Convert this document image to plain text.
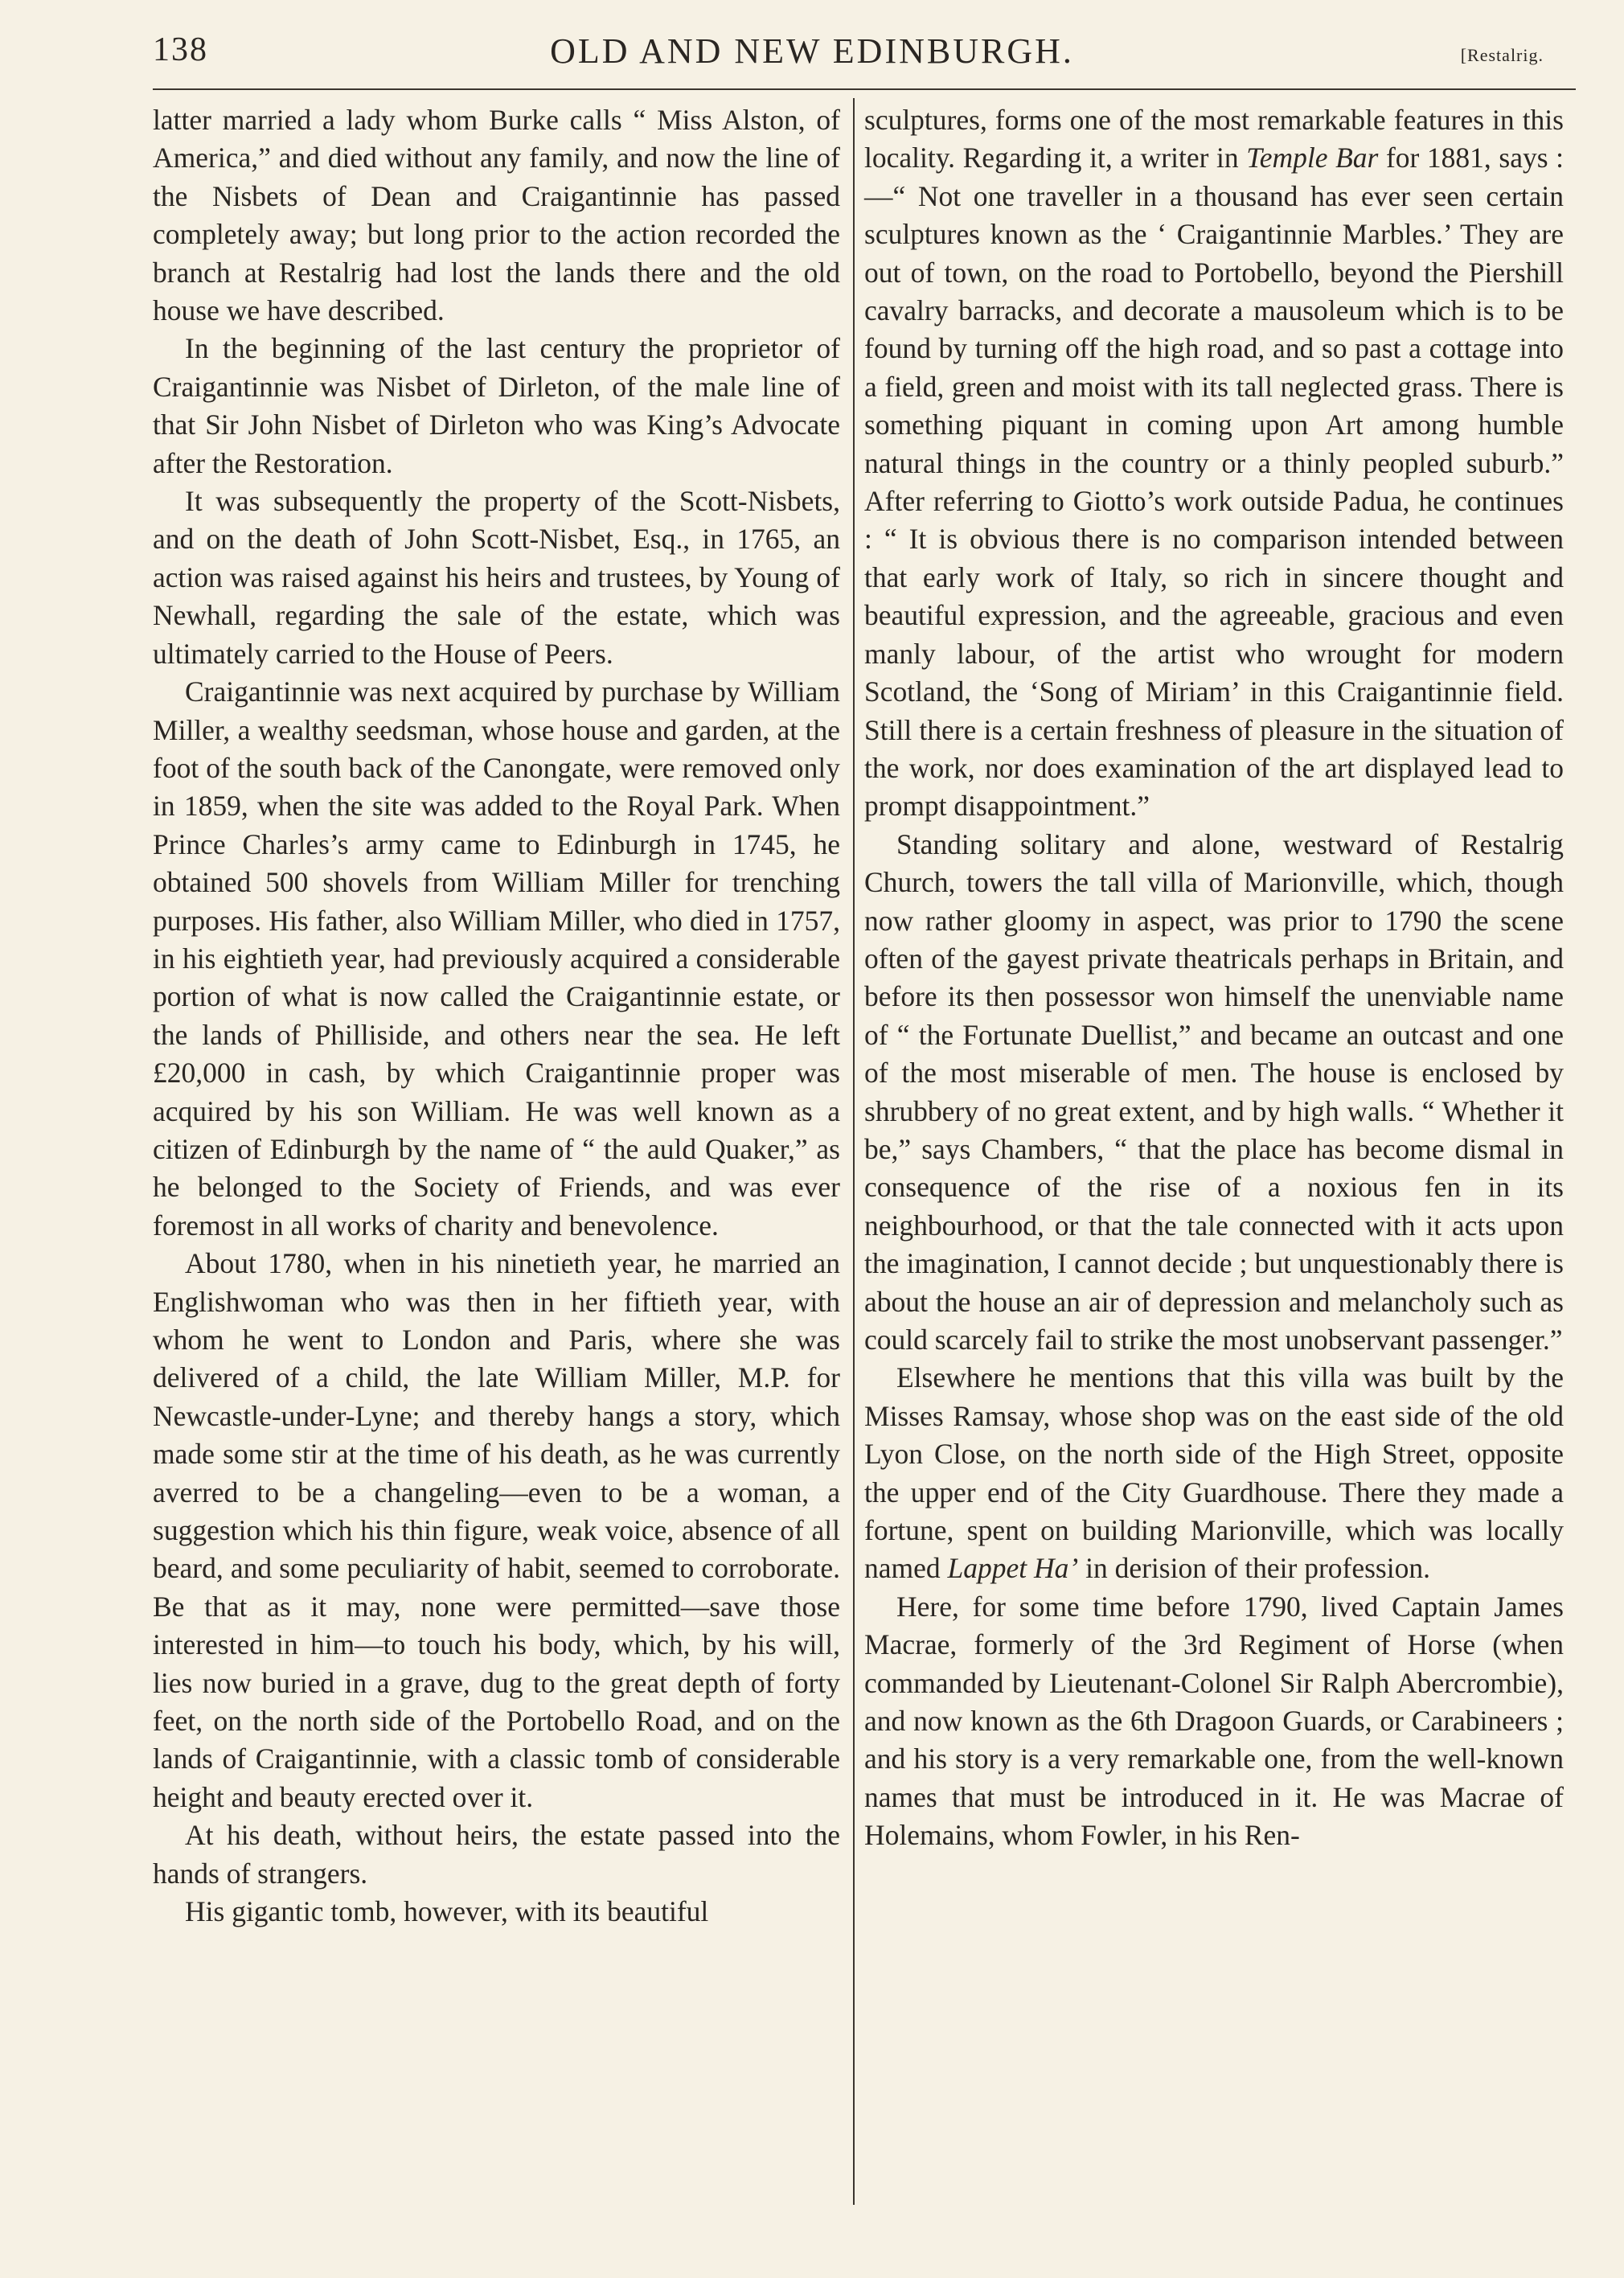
138	OLD AND NEW EDINBURGH.	[Restalrig.

latter married a lady whom Burke calls “ Miss Alston, of America,” and died without any family, and now the line of the Nisbets of Dean and Craigantinnie has passed completely away; but long prior to the action recorded the branch at Restalrig had lost the lands there and the old house we have described.

In the beginning of the last century the proprietor of Craigantinnie was Nisbet of Dirleton, of the male line of that Sir John Nisbet of Dirleton who was King’s Advocate after the Restoration.

It was subsequently the property of the Scott-Nisbets, and on the death of John Scott-Nisbet, Esq., in 1765, an action was raised against his heirs and trustees, by Young of Newhall, regarding the sale of the estate, which was ultimately carried to the House of Peers.

Craigantinnie was next acquired by purchase by William Miller, a wealthy seedsman, whose house and garden, at the foot of the south back of the Canongate, were removed only in 1859, when the site was added to the Royal Park. When Prince Charles’s army came to Edinburgh in 1745, he obtained 500 shovels from William Miller for trenching purposes. His father, also William Miller, who died in 1757, in his eightieth year, had previously acquired a considerable portion of what is now called the Craigantinnie estate, or the lands of Philliside, and others near the sea. He left £20,000 in cash, by which Craigantinnie proper was acquired by his son William. He was well known as a citizen of Edinburgh by the name of “ the auld Quaker,” as he belonged to the Society of Friends, and was ever foremost in all works of charity and benevolence.

About 1780, when in his ninetieth year, he married an Englishwoman who was then in her fiftieth year, with whom he went to London and Paris, where she was delivered of a child, the late William Miller, M.P. for Newcastle-under-Lyne; and thereby hangs a story, which made some stir at the time of his death, as he was currently averred to be a changeling—even to be a woman, a suggestion which his thin figure, weak voice, absence of all beard, and some peculiarity of habit, seemed to corroborate. Be that as it may, none were permitted—save those interested in him—to touch his body, which, by his will, lies now buried in a grave, dug to the great depth of forty feet, on the north side of the Portobello Road, and on the lands of Craigantinnie, with a classic tomb of considerable height and beauty erected over it.

At his death, without heirs, the estate passed into the hands of strangers.

His gigantic tomb, however, with its beautiful

sculptures, forms one of the most remarkable features in this locality. Regarding it, a writer in Temple Bar for 1881, says :—“ Not one traveller in a thousand has ever seen certain sculptures known as the ‘ Craigantinnie Marbles.’ They are out of town, on the road to Portobello, beyond the Piershill cavalry barracks, and decorate a mausoleum which is to be found by turning off the high road, and so past a cottage into a field, green and moist with its tall neglected grass. There is something piquant in coming upon Art among humble natural things in the country or a thinly peopled suburb.” After referring to Giotto’s work outside Padua, he continues : “ It is obvious there is no comparison intended between that early work of Italy, so rich in sincere thought and beautiful expression, and the agreeable, gracious and even manly labour, of the artist who wrought for modern Scotland, the ‘Song of Miriam’ in this Craigantinnie field. Still there is a certain freshness of pleasure in the situation of the work, nor does examination of the art displayed lead to prompt disappointment.”

Standing solitary and alone, westward of Restalrig Church, towers the tall villa of Marionville, which, though now rather gloomy in aspect, was prior to 1790 the scene often of the gayest private theatricals perhaps in Britain, and before its then possessor won himself the unenviable name of “ the Fortunate Duellist,” and became an outcast and one of the most miserable of men. The house is enclosed by shrubbery of no great extent, and by high walls. “ Whether it be,” says Chambers, “ that the place has become dismal in consequence of the rise of a noxious fen in its neighbourhood, or that the tale connected with it acts upon the imagination, I cannot decide ; but unquestionably there is about the house an air of depression and melancholy such as could scarcely fail to strike the most unobservant passenger.”

Elsewhere he mentions that this villa was built by the Misses Ramsay, whose shop was on the east side of the old Lyon Close, on the north side of the High Street, opposite the upper end of the City Guardhouse. There they made a fortune, spent on building Marionville, which was locally named Lappet Ha’ in derision of their profession.

Here, for some time before 1790, lived Captain James Macrae, formerly of the 3rd Regiment of Horse (when commanded by Lieutenant-Colonel Sir Ralph Abercrombie), and now known as the 6th Dragoon Guards, or Carabineers ; and his story is a very remarkable one, from the well-known names that must be introduced in it. He was Macrae of Holemains, whom Fowler, in his Ren-
